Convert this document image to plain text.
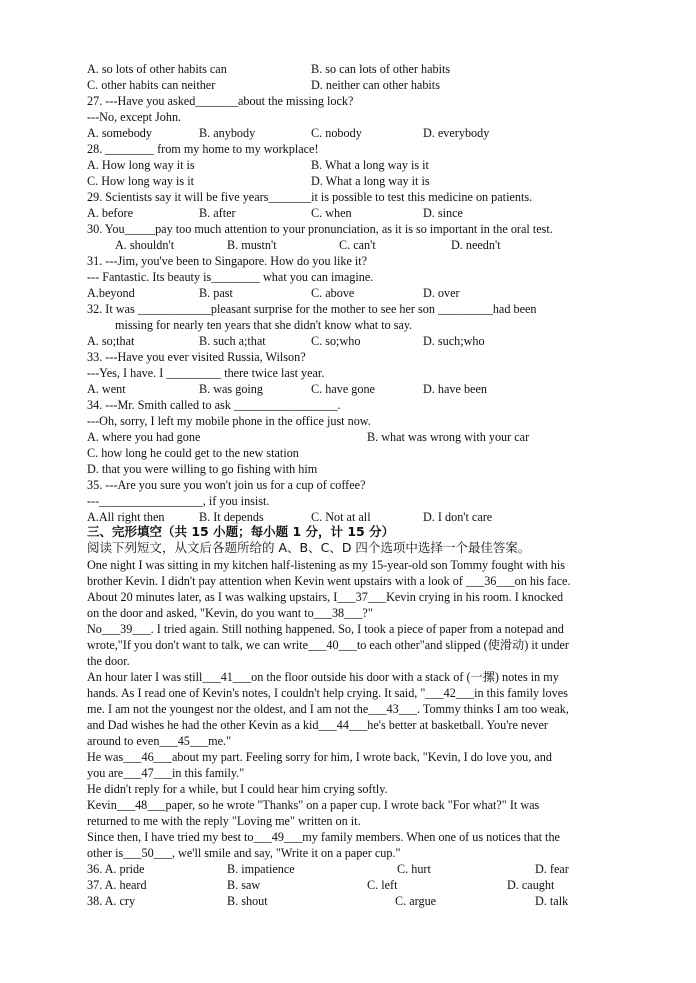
A. so lots of other habits can	B. so can lots of other habits
C. other habits can neither	D. neither can other habits
27. ---Have you asked_______about the missing lock?
---No, except John.
A. somebody	B. anybody	C. nobody	D. everybody
28. ________ from my home to my workplace!
A. How long way it is	B. What a long way is it
C. How long way is it	D. What a long way it is
29. Scientists say it will be five years_______it is possible to test this medicine on patients.
A. before	B. after	C. when	D. since
30. You_____pay too much attention to your pronunciation, as it is so important in the oral test.
A. shouldn't	B. mustn't	C. can't	D. needn't
31. ---Jim, you've been to Singapore. How do you like it?
--- Fantastic. Its beauty is________ what you can imagine.
A.beyond	B. past	C. above	D. over
32. It was ____________pleasant surprise for the mother to see her son _________had been
missing for nearly ten years that she didn't know what to say.
A. so;that	B. such a;that	C. so;who	D. such;who
33. ---Have you ever visited Russia, Wilson?
---Yes, I have. I _________ there twice last year.
A. went	B. was going	C. have gone	D. have been
34. ---Mr. Smith called to ask _________________.
---Oh, sorry, I left my mobile phone in the office just now.
A. where you had gone	B. what was wrong with your car
C. how long he could get to the new station
D. that you were willing to go fishing with him
35. ---Are you sure you won't join us for a cup of coffee?
---_________________, if you insist.
A.All right then	B. It depends	C. Not at all	D. I don't care
三、完形填空（共 15 小题；每小题 1 分，计 15 分）
阅读下列短文，从文后各题所给的 A、B、C、D 四个选项中选择一个最佳答案。
One night I was sitting in my kitchen half-listening as my 15-year-old son Tommy fought with his
brother Kevin. I didn't pay attention when Kevin went upstairs with a look of ___36___on his face.
About 20 minutes later, as I was walking upstairs, I___37___Kevin crying in his room. I knocked
on the door and asked, "Kevin, do you want to___38___?"
No___39___. I tried again. Still nothing happened. So, I took a piece of paper from a notepad and
wrote,"If you don't want to talk, we can write___40___to each other"and slipped (使滑动) it under
the door.
An hour later I was still___41___on the floor outside his door with a stack of (一摞) notes in my
hands. As I read one of Kevin's notes, I couldn't help crying. It said, "___42___in this family loves
me. I am not the youngest nor the oldest, and I am not the___43___. Tommy thinks I am too weak,
and Dad wishes he had the other Kevin as a kid___44___he's better at basketball. You're never
around to even___45___me."
He was___46___about my part. Feeling sorry for him, I wrote back, "Kevin, I do love you, and
you are___47___in this family."
He didn't reply for a while, but I could hear him crying softly.
Kevin___48___paper, so he wrote "Thanks" on a paper cup. I wrote back "For what?" It was
returned to me with the reply "Loving me" written on it.
Since then, I have tried my best to___49___my family members. When one of us notices that the
other is___50___, we'll smile and say, "Write it on a paper cup."
36. A. pride	B. impatience	C. hurt	D. fear
37. A. heard	B. saw	C. left	D. caught
38. A. cry	B. shout	C. argue	D. talk
